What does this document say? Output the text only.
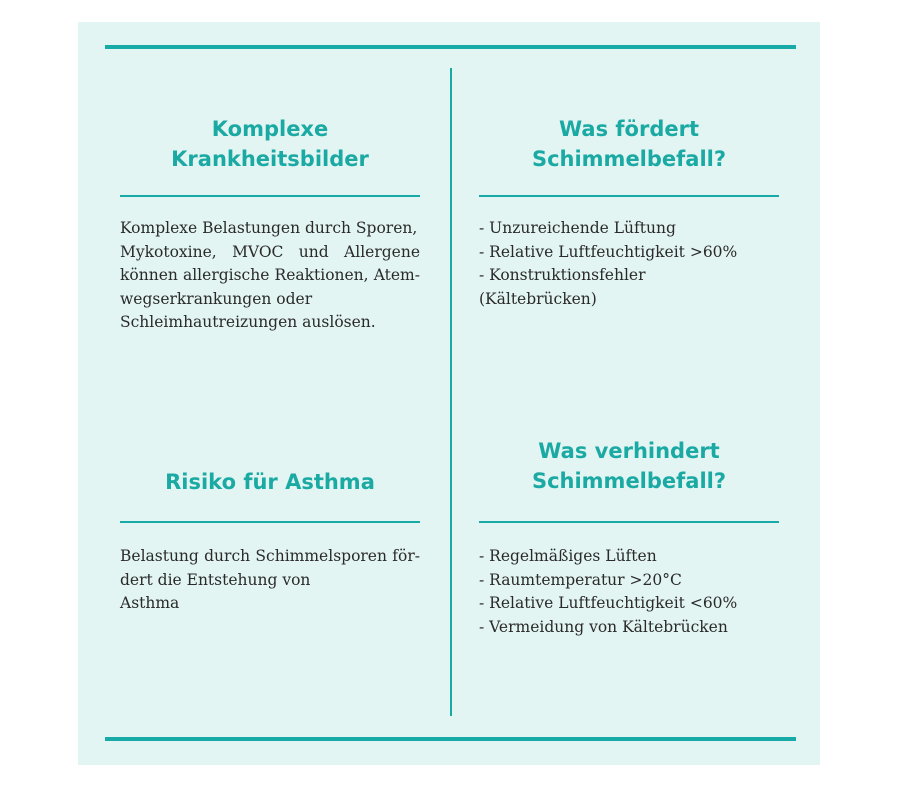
Komplexe
Krankheitsbilder
Komplexe Belastungen durch Sporen,
Mykotoxine, MVOC und Allergene
können allergische Reaktionen, Atem-
wegserkrankungen oder
Schleimhautreizungen auslösen.
Was fördert
Schimmelbefall?
- Unzureichende Lüftung
- Relative Luftfeuchtigkeit >60%
- Konstruktionsfehler
(Kältebrücken)
Risiko für Asthma
Belastung durch Schimmelsporen för-
dert die Entstehung von
Asthma
Was verhindert
Schimmelbefall?
- Regelmäßiges Lüften
- Raumtemperatur >20°C
- Relative Luftfeuchtigkeit <60%
- Vermeidung von Kältebrücken
